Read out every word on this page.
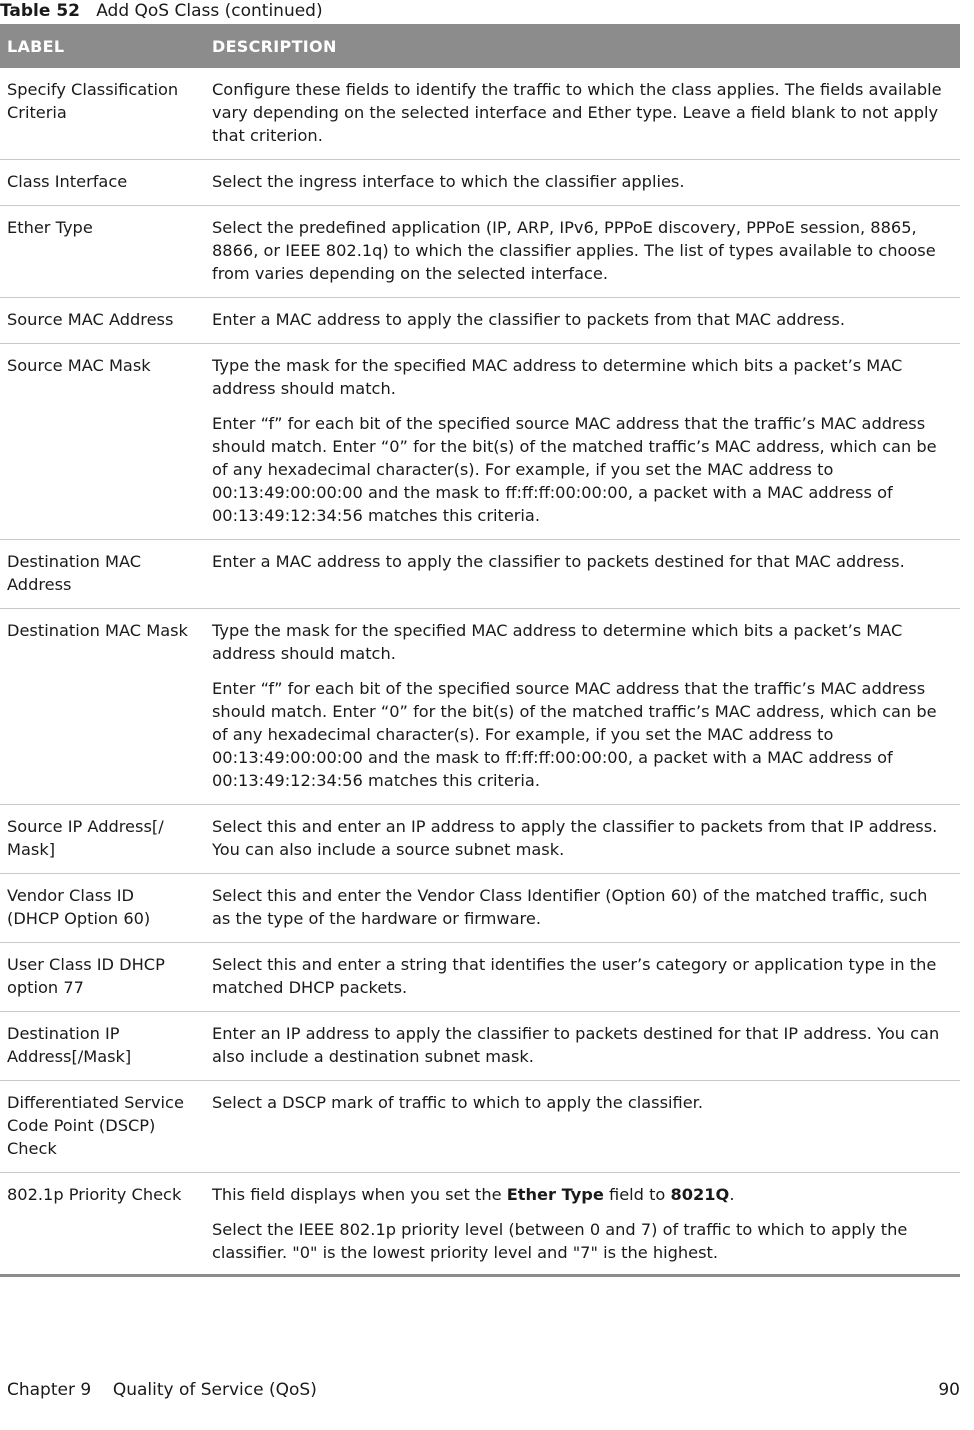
Table 52 Add QoS Class (continued)
LABEL	DESCRIPTION
Specify Classification Criteria	Configure these fields to identify the traffic to which the class applies. The fields available vary depending on the selected interface and Ether type. Leave a field blank to not apply that criterion.

Class Interface	Select the ingress interface to which the classifier applies.

Ether Type	Select the predefined application (IP, ARP, IPv6, PPPoE discovery, PPPoE session, 8865, 8866, or IEEE 802.1q) to which the classifier applies. The list of types available to choose from varies depending on the selected interface.

Source MAC Address	Enter a MAC address to apply the classifier to packets from that MAC address.

Source MAC Mask	Type the mask for the specified MAC address to determine which bits a packet’s MAC address should match.

Enter “f” for each bit of the specified source MAC address that the traffic’s MAC address should match. Enter “0” for the bit(s) of the matched traffic’s MAC address, which can be of any hexadecimal character(s). For example, if you set the MAC address to 00:13:49:00:00:00 and the mask to ff:ff:ff:00:00:00, a packet with a MAC address of 00:13:49:12:34:56 matches this criteria.

Destination MAC Address	Enter a MAC address to apply the classifier to packets destined for that MAC address.

Destination MAC Mask	Type the mask for the specified MAC address to determine which bits a packet’s MAC address should match.

Enter “f” for each bit of the specified source MAC address that the traffic’s MAC address should match. Enter “0” for the bit(s) of the matched traffic’s MAC address, which can be of any hexadecimal character(s). For example, if you set the MAC address to 00:13:49:00:00:00 and the mask to ff:ff:ff:00:00:00, a packet with a MAC address of 00:13:49:12:34:56 matches this criteria.

Source IP Address[/ Mask]	Select this and enter an IP address to apply the classifier to packets from that IP address. You can also include a source subnet mask.

Vendor Class ID (DHCP Option 60)	Select this and enter the Vendor Class Identifier (Option 60) of the matched traffic, such as the type of the hardware or firmware.

User Class ID DHCP option 77	Select this and enter a string that identifies the user’s category or application type in the matched DHCP packets.

Destination IP Address[/Mask]	Enter an IP address to apply the classifier to packets destined for that IP address. You can also include a destination subnet mask.

Differentiated Service Code Point (DSCP) Check	Select a DSCP mark of traffic to which to apply the classifier.

802.1p Priority Check	This field displays when you set the Ether Type field to 8021Q.

Select the IEEE 802.1p priority level (between 0 and 7) of traffic to which to apply the classifier. "0" is the lowest priority level and "7" is the highest.

Chapter 9 Quality of Service (QoS)	90
